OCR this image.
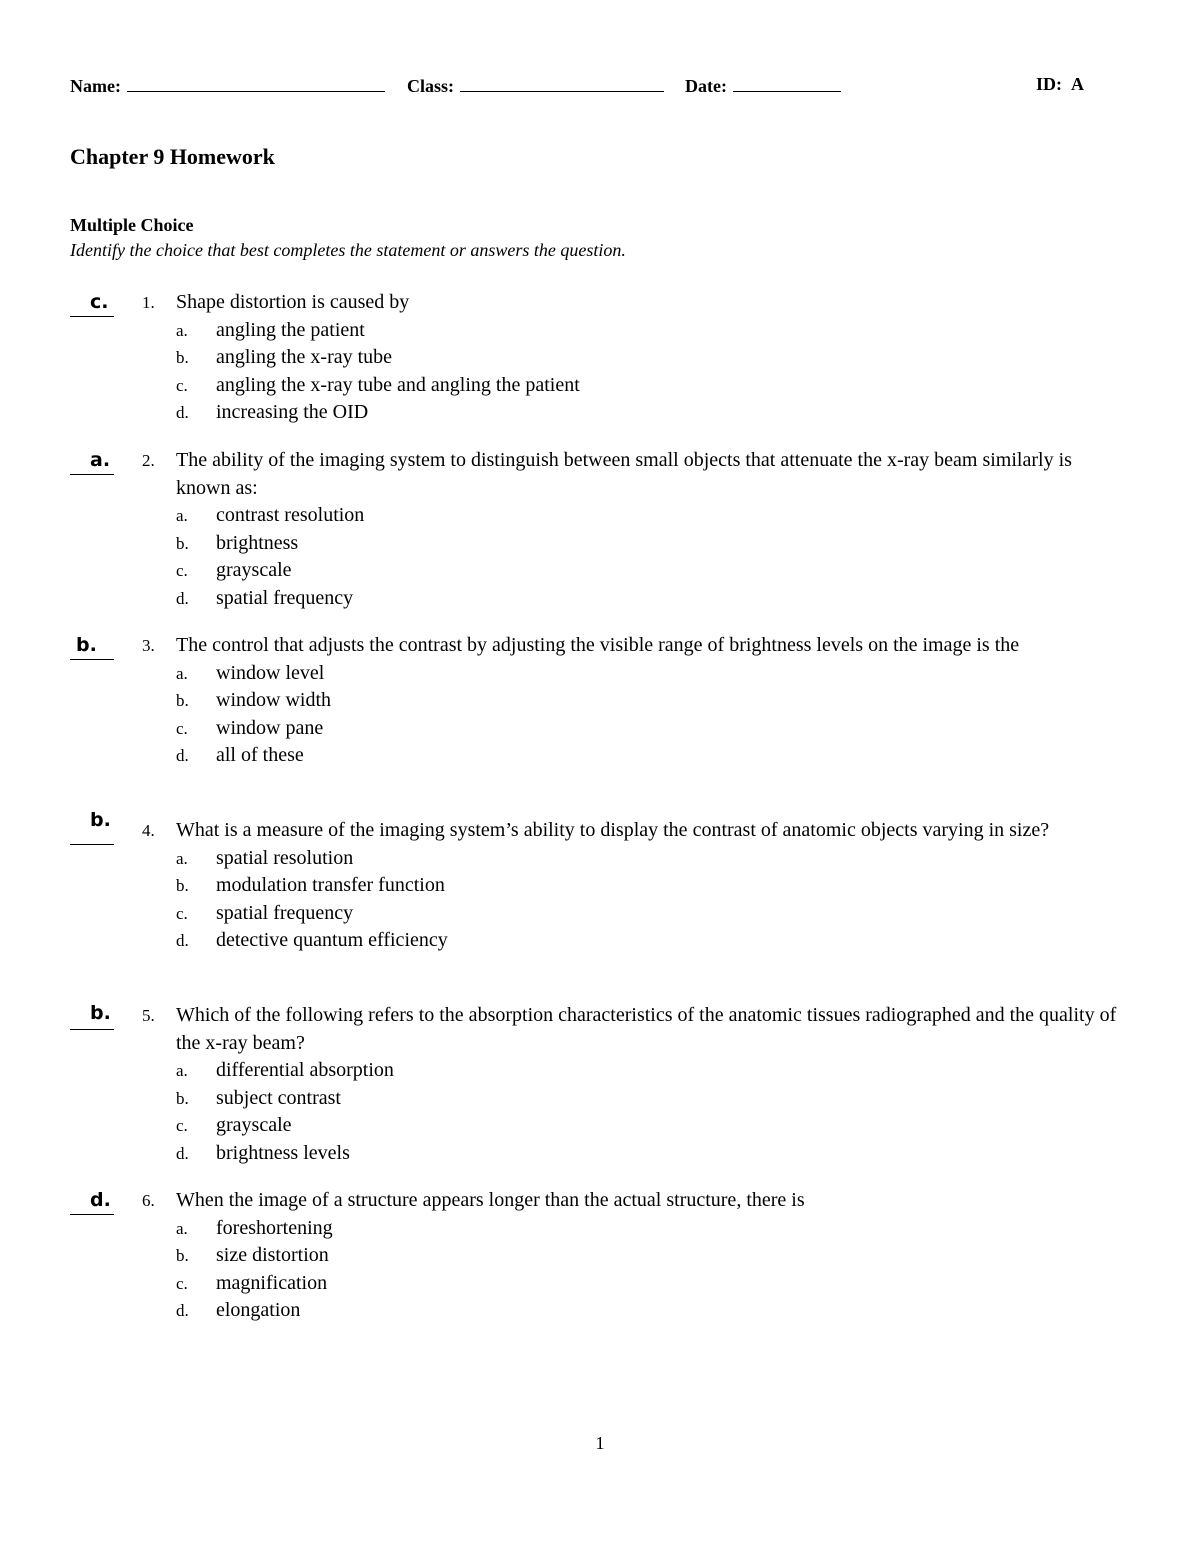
Name:	Class:	Date:	ID: A
Chapter 9 Homework
Multiple Choice
Identify the choice that best completes the statement or answers the question.
c. 1. Shape distortion is caused by

a. angling the patient
b. angling the x-ray tube
c. angling the x-ray tube and angling the patient
d. increasing the OID
a. 2. The ability of the imaging system to distinguish between small objects that attenuate the x-ray beam similarly is known as:

a. contrast resolution
b. brightness
c. grayscale
d. spatial frequency
b.	3. The control that adjusts the contrast by adjusting the visible range of brightness levels on the image is the

a. window level
b. window width
c. window pane
d. all of these
b. 4. What is a measure of the imaging system’s ability to display the contrast of anatomic objects varying in size?

a. spatial resolution
b. modulation transfer function
c. spatial frequency
d. detective quantum efficiency
b. 5. Which of the following refers to the absorption characteristics of the anatomic tissues radiographed and the quality of the x-ray beam?

a. differential absorption
b. subject contrast
c. grayscale
d. brightness levels
d. 6. When the image of a structure appears longer than the actual structure, there is

a. foreshortening
b. size distortion
c. magnification
d. elongation
1
